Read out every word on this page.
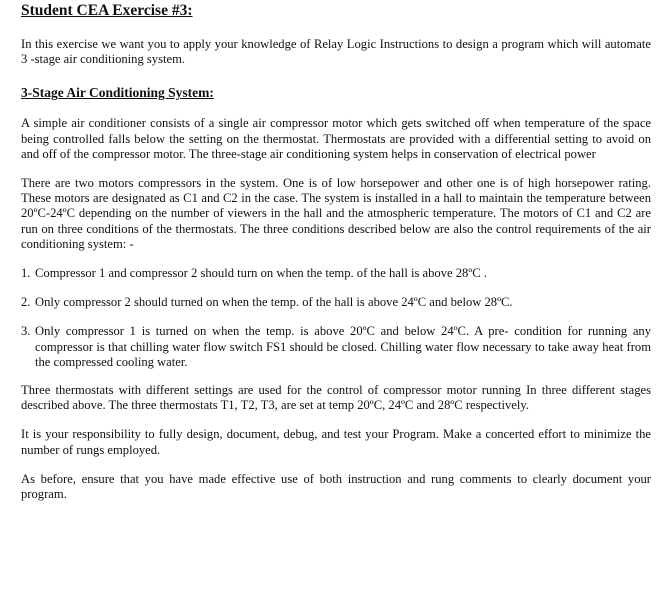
Student CEA Exercise #3:

In this exercise we want you to apply your knowledge of Relay Logic Instructions to design a program which will automate 3 -stage air conditioning system.

3-Stage Air Conditioning System:

A simple air conditioner consists of a single air compressor motor which gets switched off when temperature of the space being controlled falls below the setting on the thermostat. Thermostats are provided with a differential setting to avoid on and off of the compressor motor. The three-stage air conditioning system helps in conservation of electrical power

There are two motors compressors in the system. One is of low horsepower and other one is of high horsepower rating. These motors are designated as C1 and C2 in the case. The system is installed in a hall to maintain the temperature between 20ºC-24ºC depending on the number of viewers in the hall and the atmospheric temperature. The motors of C1 and C2 are run on three conditions of the thermostats. The three conditions described below are also the control requirements of the air conditioning system: -

1. Compressor 1 and compressor 2 should turn on when the temp. of the hall is above 28ºC .
2. Only compressor 2 should turned on when the temp. of the hall is above 24ºC and below 28ºC.
3. Only compressor 1 is turned on when the temp. is above 20ºC and below 24ºC. A pre- condition for running any compressor is that chilling water flow switch FS1 should be closed. Chilling water flow necessary to take away heat from the compressed cooling water.

Three thermostats with different settings are used for the control of compressor motor running In three different stages described above. The three thermostats T1, T2, T3, are set at temp 20ºC, 24ºC and 28ºC respectively.

It is your responsibility to fully design, document, debug, and test your Program. Make a concerted effort to minimize the number of rungs employed.

As before, ensure that you have made effective use of both instruction and rung comments to clearly document your program.
